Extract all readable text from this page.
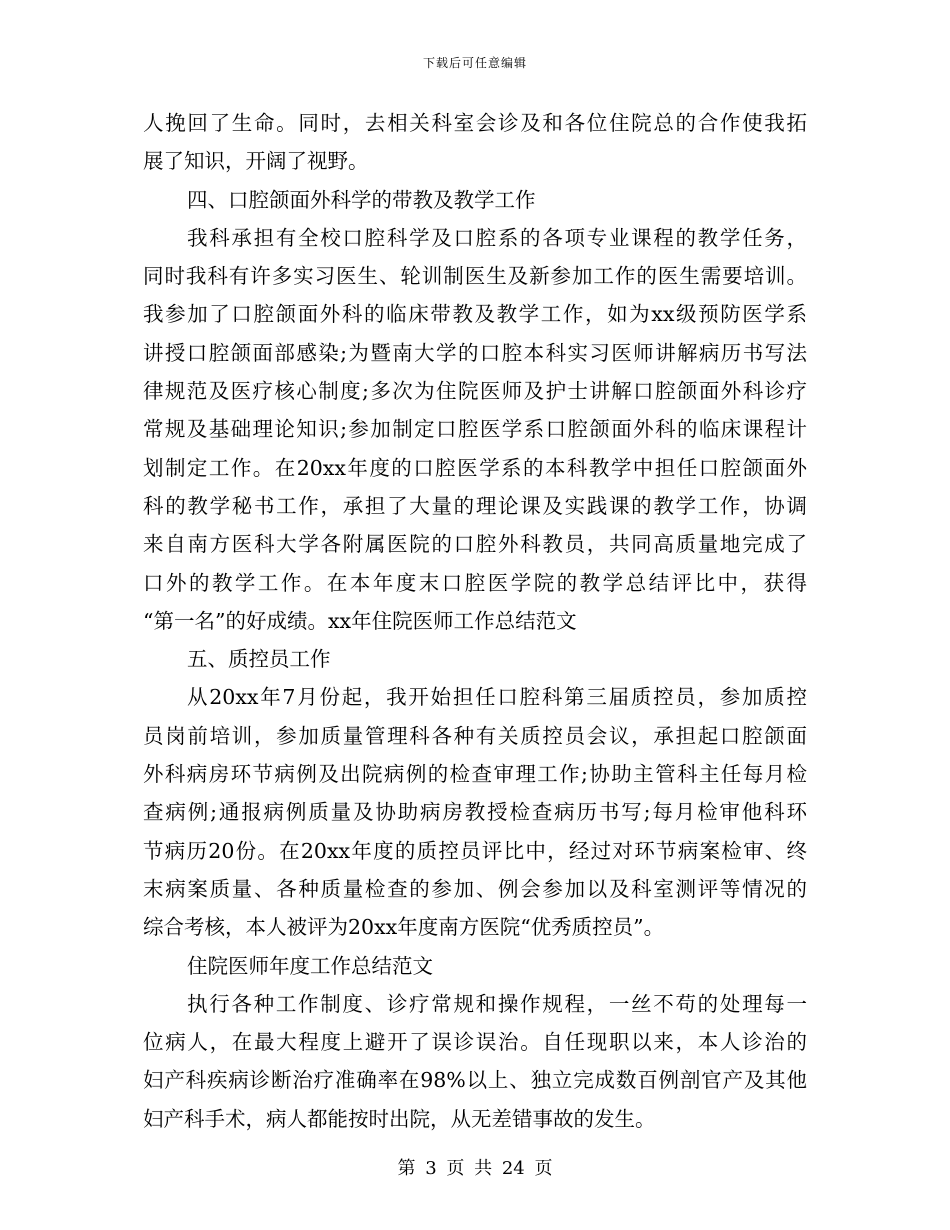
下载后可任意编辑
人挽回了生命。同时，去相关科室会诊及和各位住院总的合作使我拓
展了知识，开阔了视野。
四、口腔颌面外科学的带教及教学工作
我科承担有全校口腔科学及口腔系的各项专业课程的教学任务，
同时我科有许多实习医生、轮训制医生及新参加工作的医生需要培训。
我参加了口腔颌面外科的临床带教及教学工作，如为xx级预防医学系
讲授口腔颌面部感染;为暨南大学的口腔本科实习医师讲解病历书写法
律规范及医疗核心制度;多次为住院医师及护士讲解口腔颌面外科诊疗
常规及基础理论知识;参加制定口腔医学系口腔颌面外科的临床课程计
划制定工作。在20xx年度的口腔医学系的本科教学中担任口腔颌面外
科的教学秘书工作，承担了大量的理论课及实践课的教学工作，协调
来自南方医科大学各附属医院的口腔外科教员，共同高质量地完成了
口外的教学工作。在本年度末口腔医学院的教学总结评比中，获得
“第一名”的好成绩。xx年住院医师工作总结范文
五、质控员工作
从20xx年7月份起，我开始担任口腔科第三届质控员，参加质控
员岗前培训，参加质量管理科各种有关质控员会议，承担起口腔颌面
外科病房环节病例及出院病例的检查审理工作;协助主管科主任每月检
查病例;通报病例质量及协助病房教授检查病历书写;每月检审他科环
节病历20份。在20xx年度的质控员评比中，经过对环节病案检审、终
末病案质量、各种质量检查的参加、例会参加以及科室测评等情况的
综合考核，本人被评为20xx年度南方医院“优秀质控员”。
住院医师年度工作总结范文
执行各种工作制度、诊疗常规和操作规程，一丝不苟的处理每一
位病人，在最大程度上避开了误诊误治。自任现职以来，本人诊治的
妇产科疾病诊断治疗准确率在98%以上、独立完成数百例剖官产及其他
妇产科手术，病人都能按时出院，从无差错事故的发生。
第 3 页 共 24 页
